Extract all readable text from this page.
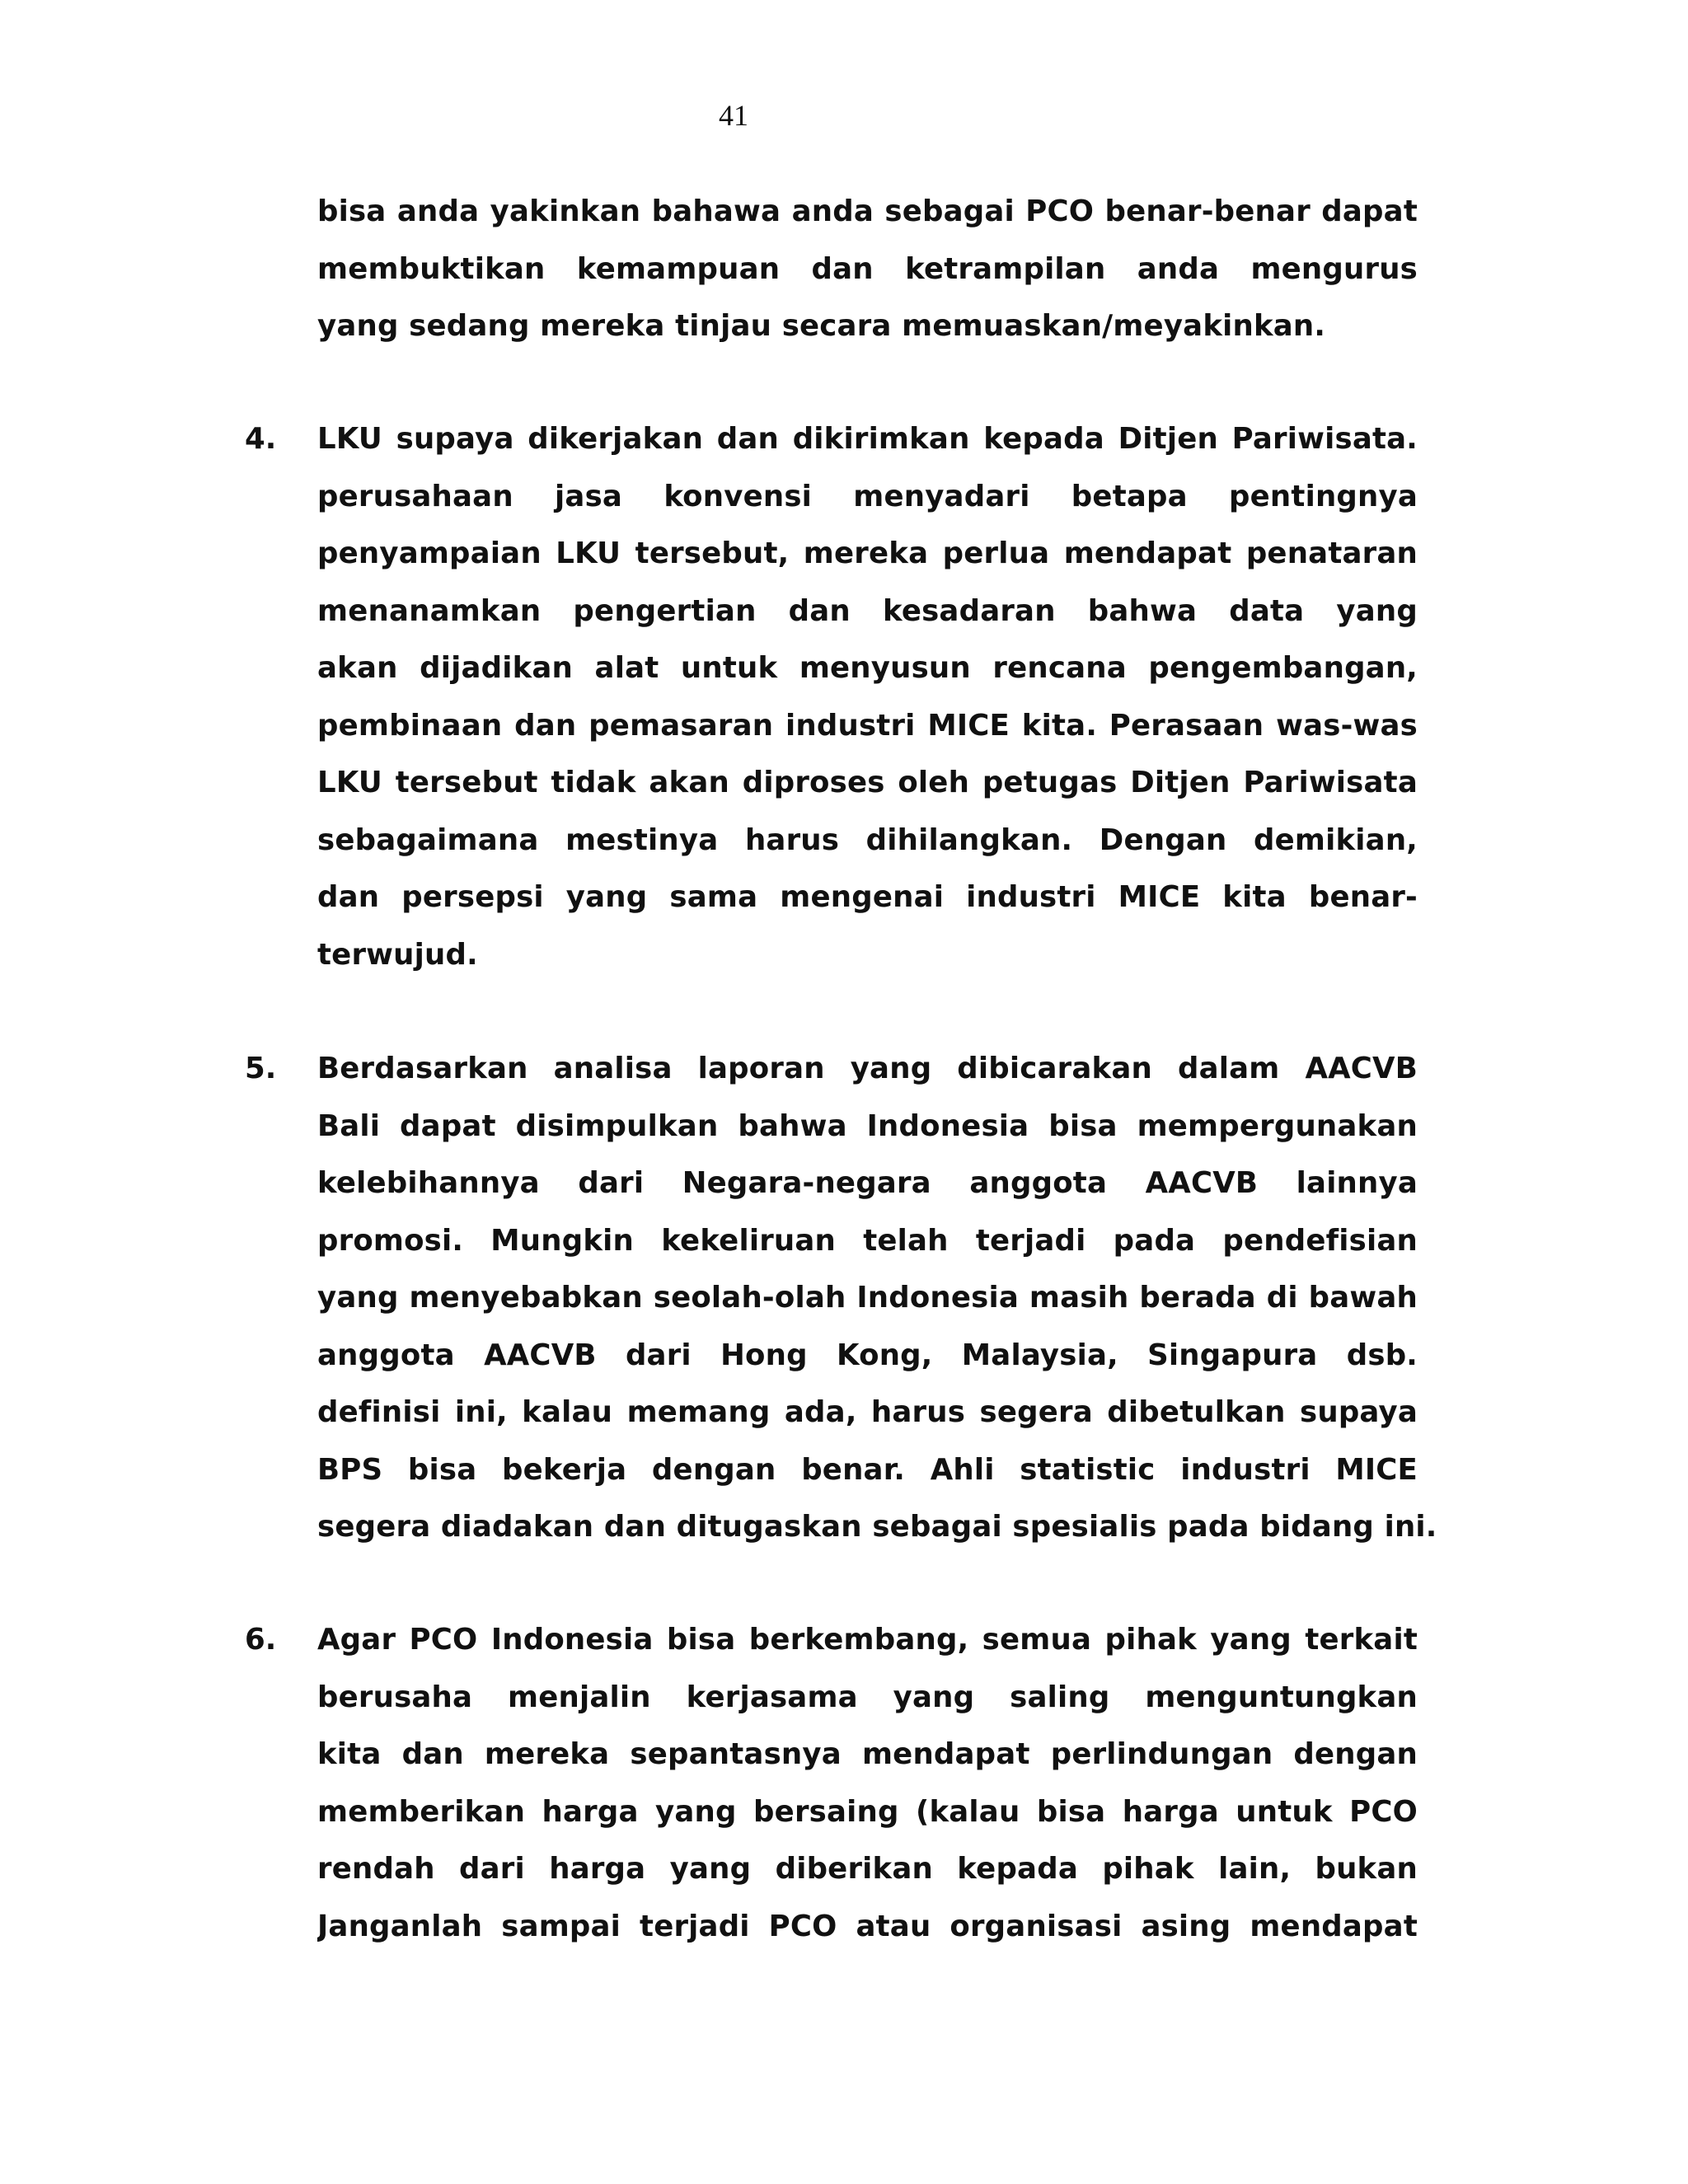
41
bisa anda yakinkan bahawa anda sebagai PCO benar-benar dapat
membuktikan kemampuan dan ketrampilan anda mengurus
yang sedang mereka tinjau secara memuaskan/meyakinkan.
4. LKU supaya dikerjakan dan dikirimkan kepada Ditjen Pariwisata.
perusahaan jasa konvensi menyadari betapa pentingnya
penyampaian LKU tersebut, mereka perlua mendapat penataran
menanamkan pengertian dan kesadaran bahwa data yang
akan dijadikan alat untuk menyusun rencana pengembangan,
pembinaan dan pemasaran industri MICE kita. Perasaan was-was
LKU tersebut tidak akan diproses oleh petugas Ditjen Pariwisata
sebagaimana mestinya harus dihilangkan. Dengan demikian,
dan persepsi yang sama mengenai industri MICE kita benar-
terwujud.
5. Berdasarkan analisa laporan yang dibicarakan dalam AACVB
Bali dapat disimpulkan bahwa Indonesia bisa mempergunakan
kelebihannya dari Negara-negara anggota AACVB lainnya
promosi. Mungkin kekeliruan telah terjadi pada pendefisian
yang menyebabkan seolah-olah Indonesia masih berada di bawah
anggota AACVB dari Hong Kong, Malaysia, Singapura dsb.
definisi ini, kalau memang ada, harus segera dibetulkan supaya
BPS bisa bekerja dengan benar. Ahli statistic industri MICE
segera diadakan dan ditugaskan sebagai spesialis pada bidang ini.
6. Agar PCO Indonesia bisa berkembang, semua pihak yang terkait
berusaha menjalin kerjasama yang saling menguntungkan
kita dan mereka sepantasnya mendapat perlindungan dengan
memberikan harga yang bersaing (kalau bisa harga untuk PCO
rendah dari harga yang diberikan kepada pihak lain, bukan
Janganlah sampai terjadi PCO atau organisasi asing mendapat
